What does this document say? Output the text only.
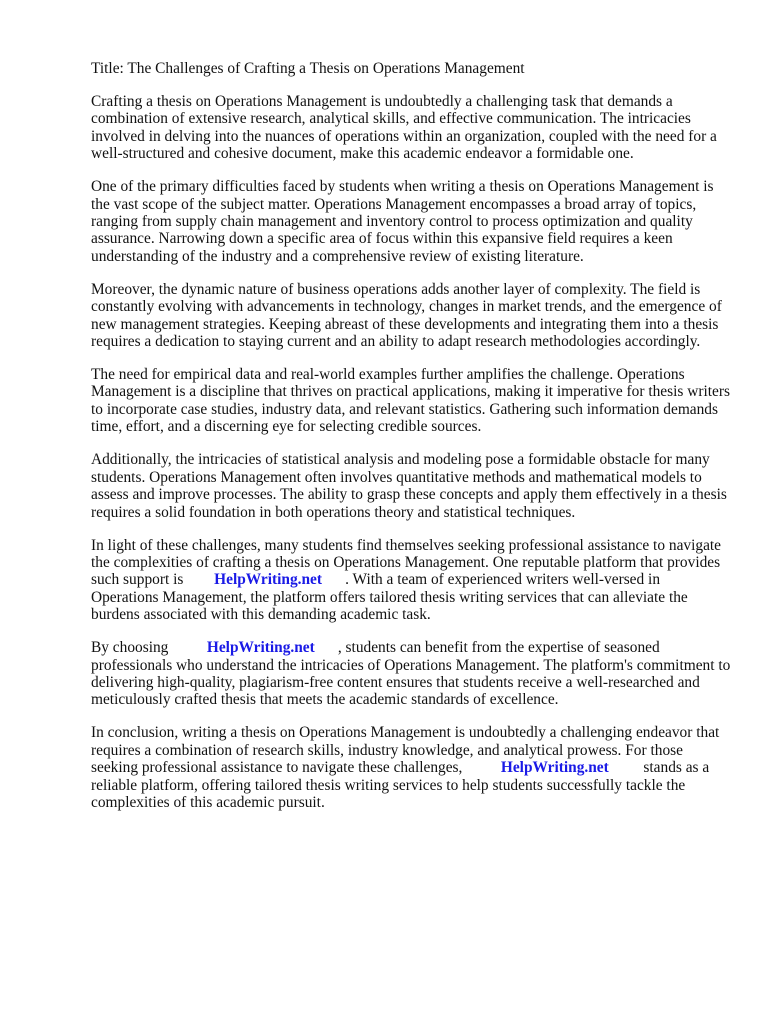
Title: The Challenges of Crafting a Thesis on Operations Management

Crafting a thesis on Operations Management is undoubtedly a challenging task that demands a combination of extensive research, analytical skills, and effective communication. The intricacies involved in delving into the nuances of operations within an organization, coupled with the need for a well-structured and cohesive document, make this academic endeavor a formidable one.

One of the primary difficulties faced by students when writing a thesis on Operations Management is the vast scope of the subject matter. Operations Management encompasses a broad array of topics, ranging from supply chain management and inventory control to process optimization and quality assurance. Narrowing down a specific area of focus within this expansive field requires a keen understanding of the industry and a comprehensive review of existing literature.

Moreover, the dynamic nature of business operations adds another layer of complexity. The field is constantly evolving with advancements in technology, changes in market trends, and the emergence of new management strategies. Keeping abreast of these developments and integrating them into a thesis requires a dedication to staying current and an ability to adapt research methodologies accordingly.

The need for empirical data and real-world examples further amplifies the challenge. Operations Management is a discipline that thrives on practical applications, making it imperative for thesis writers to incorporate case studies, industry data, and relevant statistics. Gathering such information demands time, effort, and a discerning eye for selecting credible sources.

Additionally, the intricacies of statistical analysis and modeling pose a formidable obstacle for many students. Operations Management often involves quantitative methods and mathematical models to assess and improve processes. The ability to grasp these concepts and apply them effectively in a thesis requires a solid foundation in both operations theory and statistical techniques.

In light of these challenges, many students find themselves seeking professional assistance to navigate the complexities of crafting a thesis on Operations Management. One reputable platform that provides such support is HelpWriting.net . With a team of experienced writers well-versed in Operations Management, the platform offers tailored thesis writing services that can alleviate the burdens associated with this demanding academic task.

By choosing HelpWriting.net , students can benefit from the expertise of seasoned professionals who understand the intricacies of Operations Management. The platform's commitment to delivering high-quality, plagiarism-free content ensures that students receive a well-researched and meticulously crafted thesis that meets the academic standards of excellence.

In conclusion, writing a thesis on Operations Management is undoubtedly a challenging endeavor that requires a combination of research skills, industry knowledge, and analytical prowess. For those seeking professional assistance to navigate these challenges, HelpWriting.net stands as a reliable platform, offering tailored thesis writing services to help students successfully tackle the complexities of this academic pursuit.
